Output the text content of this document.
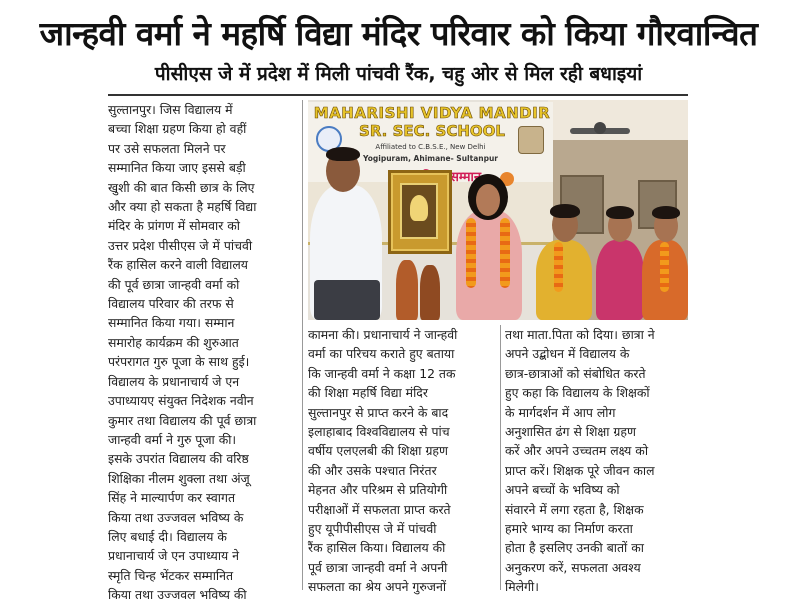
जान्हवी वर्मा ने महर्षि विद्या मंदिर परिवार को किया गौरवान्वित
पीसीएस जे में प्रदेश में मिली पांचवी रैंक, चहु ओर से मिल रही बधाइयां
सुल्तानपुर। जिस विद्यालय में
बच्चा शिक्षा ग्रहण किया हो वहीं
पर उसे सफलता मिलने पर
सम्मानित किया जाए इससे बड़ी
खुशी की बात किसी छात्र के लिए
और क्या हो सकता है महर्षि विद्या
मंदिर के प्रांगण में सोमवार को
उत्तर प्रदेश पीसीएस जे में पांचवी
रैंक हासिल करने वाली विद्यालय
की पूर्व छात्रा जान्हवी वर्मा को
विद्यालय परिवार की तरफ से
सम्मानित किया गया। सम्मान
समारोह कार्यक्रम की शुरुआत
परंपरागत गुरु पूजा के साथ हुई।
विद्यालय के प्रधानाचार्य जे एन
उपाध्यायए संयुक्त निदेशक नवीन
कुमार तथा विद्यालय की पूर्व छात्रा
जान्हवी वर्मा ने गुरु पूजा की।
इसके उपरांत विद्यालय की वरिष्ठ
शिक्षिका नीलम शुक्ला तथा अंजू
सिंह ने माल्यार्पण कर स्वागत
किया तथा उज्जवल भविष्य के
लिए बधाई दी। विद्यालय के
प्रधानाचार्य जे एन उपाध्याय ने
स्मृति चिन्ह भेंटकर सम्मानित
किया तथा उज्जवल भविष्य की
MAHARISHI VIDYA MANDIR
SR. SEC. SCHOOL
Affiliated to C.B.S.E., New Delhi
Yogipuram, Ahimane- Sultanpur
सम्मान
कामना की। प्रधानाचार्य ने जान्हवी
वर्मा का परिचय कराते हुए बताया
कि जान्हवी वर्मा ने कक्षा 12 तक
की शिक्षा महर्षि विद्या मंदिर
सुल्तानपुर से प्राप्त करने के बाद
इलाहाबाद विश्वविद्यालय से पांच
वर्षीय एलएलबी की शिक्षा ग्रहण
की और उसके पश्चात निरंतर
मेहनत और परिश्रम से प्रतियोगी
परीक्षाओं में सफलता प्राप्त करते
हुए यूपीपीसीएस जे में पांचवी
रैंक हासिल किया। विद्यालय की
पूर्व छात्रा जान्हवी वर्मा ने अपनी
सफलता का श्रेय अपने गुरुजनों
तथा माता.पिता को दिया। छात्रा ने
अपने उद्बोधन में विद्यालय के
छात्र-छात्राओं को संबोधित करते
हुए कहा कि विद्यालय के शिक्षकों
के मार्गदर्शन में आप लोग
अनुशासित ढंग से शिक्षा ग्रहण
करें और अपने उच्चतम लक्ष्य को
प्राप्त करें। शिक्षक पूरे जीवन काल
अपने बच्चों के भविष्य को
संवारने में लगा रहता है, शिक्षक
हमारे भाग्य का निर्माण करता
होता है इसलिए उनकी बातों का
अनुकरण करें, सफलता अवश्य
मिलेगी।
